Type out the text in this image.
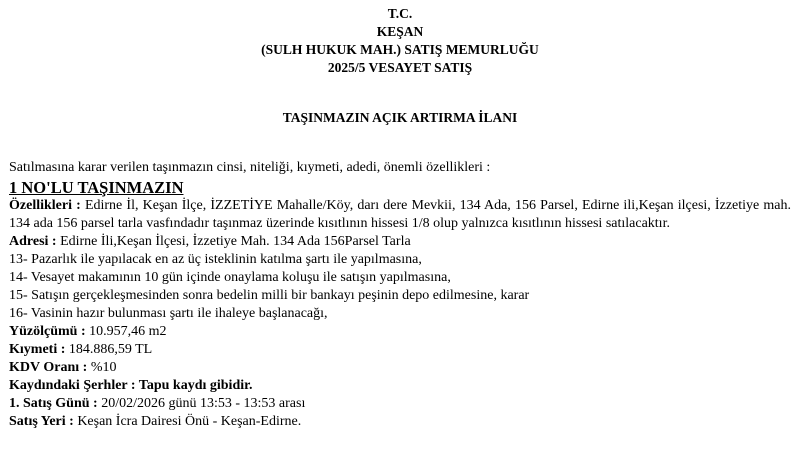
T.C.
KEŞAN
(SULH HUKUK MAH.) SATIŞ MEMURLUĞU
2025/5 VESAYET SATIŞ
TAŞINMAZIN AÇIK ARTIRMA İLANI
Satılmasına karar verilen taşınmazın cinsi, niteliği, kıymeti, adedi, önemli özellikleri :
1 NO'LU TAŞINMAZIN
Özellikleri : Edirne İl, Keşan İlçe, İZZETİYE Mahalle/Köy, darı dere Mevkii, 134 Ada, 156 Parsel, Edirne ili,Keşan ilçesi, İzzetiye mah. 134 ada 156 parsel tarla vasfındadır taşınmaz üzerinde kısıtlının hissesi 1/8 olup yalnızca kısıtlının hissesi satılacaktır.
Adresi : Edirne İli,Keşan İlçesi, İzzetiye Mah. 134 Ada 156Parsel Tarla
13- Pazarlık ile yapılacak en az üç isteklinin katılma şartı ile yapılmasına,
14- Vesayet makamının 10 gün içinde onaylama koluşu ile satışın yapılmasına,
15- Satışın gerçekleşmesinden sonra bedelin milli bir bankayı peşinin depo edilmesine, karar
16- Vasinin hazır bulunması şartı ile ihaleye başlanacağı,
Yüzölçümü : 10.957,46 m2
Kıymeti : 184.886,59 TL
KDV Oranı : %10
Kaydındaki Şerhler : Tapu kaydı gibidir.
1. Satış Günü : 20/02/2026 günü 13:53 - 13:53 arası
Satış Yeri : Keşan İcra Dairesi Önü - Keşan-Edirne.
